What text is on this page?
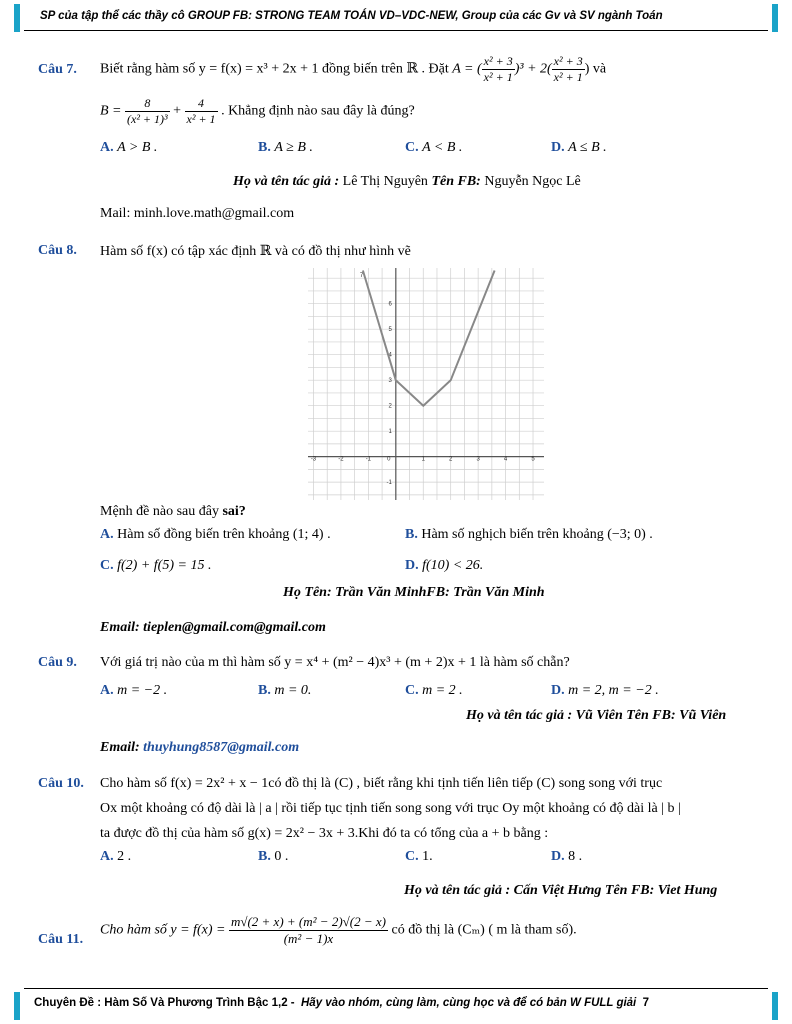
SP của tập thể các thầy cô GROUP FB: STRONG TEAM TOÁN VD–VDC-NEW, Group của các Gv và SV ngành Toán
Câu 7. Biết rằng hàm số y = f(x) = x³ + 2x + 1 đồng biến trên ℝ . Đặt A = ( $\frac{\text{x² + 3}}{\text{x² + 1}} )^3 + 2( \frac{\text{x² + 3}}{\text{x² + 1}}$ ) và
$B = \frac{8}{\text{(x² + 1)³}} + \frac{4}{\text{x² + 1}}$ . Khẳng định nào sau đây là đúng?
A. A > B .	B. A ≥ B .	C. A < B .	D. A ≤ B .
Họ và tên tác giả : Lê Thị Nguyên Tên FB: Nguyễn Ngọc Lê
Mail: minh.love.math@gmail.com
Câu 8. Hàm số f(x) có tập xác định ℝ và có đồ thị như hình vẽ
-3	-2	-1	0	1	2	3	4	5
-1
1
2
3
4
5
6
7
Mệnh đề nào sau đây sai?
A. Hàm số đồng biến trên khoảng (1; 4) .	B. Hàm số nghịch biến trên khoảng (−3; 0) .
C. f(2) + f(5) = 15 .	D. f(10) < 26.
Họ Tên: Trần Văn MinhFB: Trần Văn Minh
Email: tieplen@gmail.com@gmail.com
Câu 9. Với giá trị nào của m thì hàm số y = x⁴ + (m² − 4)x³ + (m + 2)x + 1 là hàm số chẵn?
A. m = −2 .	B. m = 0.	C. m = 2 .	D. m = 2, m = −2 .
Họ và tên tác giả : Vũ Viên Tên FB: Vũ Viên
Email: thuyhung8587@gmail.com
Câu 10. Cho hàm số f(x) = 2x² + x − 1có đồ thị là (C) , biết rằng khi tịnh tiến liên tiếp (C) song song với trục
Ox một khoảng có độ dài là | a | rồi tiếp tục tịnh tiến song song với trục Oy một khoảng có độ dài là | b |
ta được đồ thị của hàm số g(x) = 2x² − 3x + 3.Khi đó ta có tổng của a + b bằng :
A. 2 .	B. 0 .	C. 1.	D. 8 .
Họ và tên tác giả : Cấn Việt Hưng Tên FB: Viet Hung
Câu 11.
Cho hàm số $y = f(x) = \frac{\text{m√(2 + x) + (m² − 2)√(2 − x)}}{\text{(m² − 1)x}}$ có đồ thị là (Cₘ) ( m là tham số).
Chuyên Đề : Hàm Số Và Phương Trình Bậc 1,2 - Hãy vào nhóm, cùng làm, cùng học và để có bản W FULL giải 7
